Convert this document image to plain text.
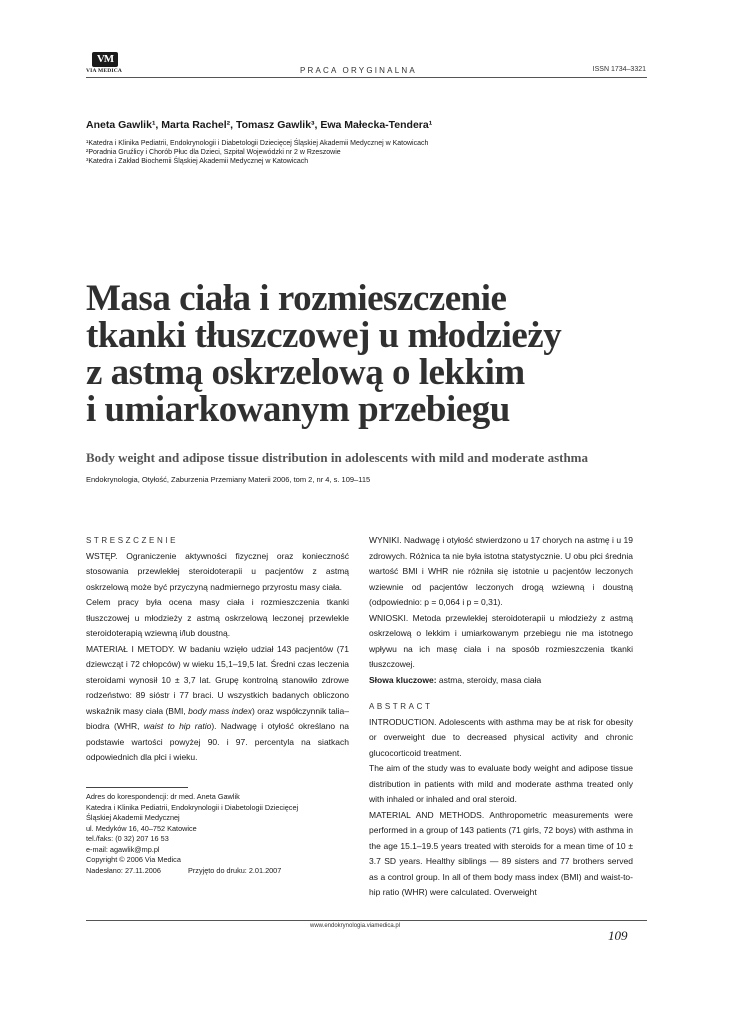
VM
VIA MEDICA	PRACA ORYGINALNA	ISSN 1734–3321
Aneta Gawlik¹, Marta Rachel², Tomasz Gawlik³, Ewa Małecka-Tendera¹
¹Katedra i Klinika Pediatrii, Endokrynologii i Diabetologii Dziecięcej Śląskiej Akademii Medycznej w Katowicach
²Poradnia Gruźlicy i Chorób Płuc dla Dzieci, Szpital Wojewódzki nr 2 w Rzeszowie
³Katedra i Zakład Biochemii Śląskiej Akademii Medycznej w Katowicach
Masa ciała i rozmieszczenie
tkanki tłuszczowej u młodzieży
z astmą oskrzelową o lekkim
i umiarkowanym przebiegu
Body weight and adipose tissue distribution in adolescents with mild and moderate asthma
Endokrynologia, Otyłość, Zaburzenia Przemiany Materii 2006, tom 2, nr 4, s. 109–115
STRESZCZENIE

WSTĘP. Ograniczenie aktywności fizycznej oraz konieczność stosowania przewlekłej steroidoterapii u pacjentów z astmą oskrzelową może być przyczyną nadmiernego przyrostu masy ciała.

Celem pracy była ocena masy ciała i rozmieszczenia tkanki tłuszczowej u młodzieży z astmą oskrzelową leczonej przewlekle steroidoterapią wziewną i/lub doustną.

MATERIAŁ I METODY. W badaniu wzięło udział 143 pacjentów (71 dziewcząt i 72 chłopców) w wieku 15,1–19,5 lat. Średni czas leczenia steroidami wynosił 10 ± 3,7 lat. Grupę kontrolną stanowiło zdrowe rodzeństwo: 89 sióstr i 77 braci. U wszystkich badanych obliczono wskaźnik masy ciała (BMI, body mass index) oraz współczynnik talia–biodra (WHR, waist to hip ratio). Nadwagę i otyłość określano na podstawie wartości powyżej 90. i 97. percentyla na siatkach odpowiednich dla płci i wieku.

WYNIKI. Nadwagę i otyłość stwierdzono u 17 chorych na astmę i u 19 zdrowych. Różnica ta nie była istotna statystycznie. U obu płci średnia wartość BMI i WHR nie różniła się istotnie u pacjentów leczonych wziewnie od pacjentów leczonych drogą wziewną i doustną (odpowiednio: p = 0,064 i p = 0,31).

WNIOSKI. Metoda przewlekłej steroidoterapii u młodzieży z astmą oskrzelową o lekkim i umiarkowanym przebiegu nie ma istotnego wpływu na ich masę ciała i na sposób rozmieszczenia tkanki tłuszczowej.

Słowa kluczowe: astma, steroidy, masa ciała

ABSTRACT

INTRODUCTION. Adolescents with asthma may be at risk for obesity or overweight due to decreased physical activity and chronic glucocorticoid treatment.

The aim of the study was to evaluate body weight and adipose tissue distribution in patients with mild and moderate asthma treated only with inhaled or inhaled and oral steroid.

MATERIAL AND METHODS. Anthropometric measurements were performed in a group of 143 patients (71 girls, 72 boys) with asthma in the age 15.1–19.5 years treated with steroids for a mean time of 10 ± 3.7 SD years. Healthy siblings — 89 sisters and 77 brothers served as a control group. In all of them body mass index (BMI) and waist-to-hip ratio (WHR) were calculated. Overweight

Adres do korespondencji: dr med. Aneta Gawlik
Katedra i Klinika Pediatrii, Endokrynologii i Diabetologii Dziecięcej
Śląskiej Akademii Medycznej
ul. Medyków 16, 40–752 Katowice
tel./faks: (0 32) 207 16 53
e-mail: agawlik@mp.pl
Copyright © 2006 Via Medica
Nadesłano: 27.11.2006	Przyjęto do druku: 2.01.2007
www.endokrynologia.viamedica.pl
109
